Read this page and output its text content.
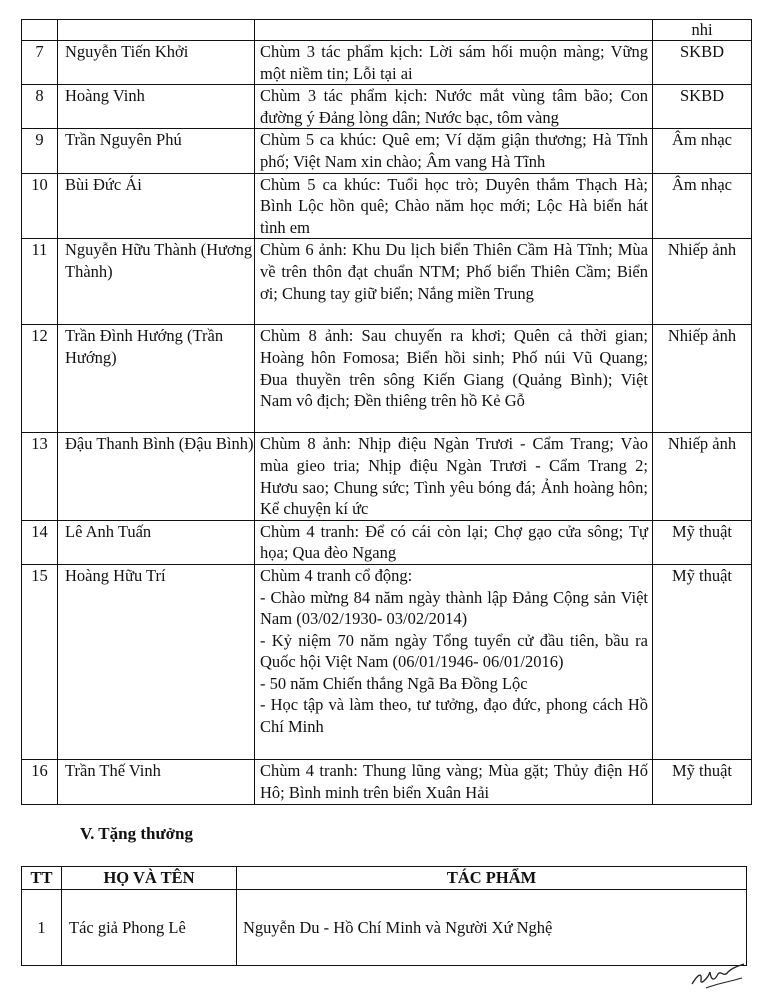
			nhi
7	Nguyễn Tiến Khởi	Chùm 3 tác phẩm kịch: Lời sám hối muộn màng; Vững một niềm tin; Lỗi tại ai	SKBD
8	Hoàng Vinh	Chùm 3 tác phẩm kịch: Nước mắt vùng tâm bão; Con đường ý Đảng lòng dân; Nước bạc, tôm vàng	SKBD
9	Trần Nguyên Phú	Chùm 5 ca khúc: Quê em; Ví dặm giận thương; Hà Tĩnh phố; Việt Nam xin chào; Âm vang Hà Tĩnh	Âm nhạc
10	Bùi Đức Ái	Chùm 5 ca khúc: Tuổi học trò; Duyên thắm Thạch Hà; Bình Lộc hồn quê; Chào năm học mới; Lộc Hà biển hát tình em	Âm nhạc
11	Nguyễn Hữu Thành (Hương Thành)	Chùm 6 ảnh: Khu Du lịch biển Thiên Cầm Hà Tĩnh; Mùa về trên thôn đạt chuẩn NTM; Phố biển Thiên Cầm; Biển ơi; Chung tay giữ biển; Nắng miền Trung	Nhiếp ảnh
12	Trần Đình Hướng (Trần Hướng)	Chùm 8 ảnh: Sau chuyến ra khơi; Quên cả thời gian; Hoàng hôn Fomosa; Biển hồi sinh; Phố núi Vũ Quang; Đua thuyền trên sông Kiến Giang (Quảng Bình); Việt Nam vô địch; Đền thiêng trên hồ Kẻ Gỗ	Nhiếp ảnh
13	Đậu Thanh Bình (Đậu Bình)	Chùm 8 ảnh: Nhịp điệu Ngàn Trươi - Cẩm Trang; Vào mùa gieo tria; Nhịp điệu Ngàn Trươi - Cẩm Trang 2; Hươu sao; Chung sức; Tình yêu bóng đá; Ảnh hoàng hôn; Kể chuyện kí ức	Nhiếp ảnh
14	Lê Anh Tuấn	Chùm 4 tranh: Để có cái còn lại; Chợ gạo cửa sông; Tự họa; Qua đèo Ngang	Mỹ thuật
15	Hoàng Hữu Trí	Chùm 4 tranh cổ động:
- Chào mừng 84 năm ngày thành lập Đảng Cộng sản Việt Nam (03/02/1930- 03/02/2014)
- Kỷ niệm 70 năm ngày Tổng tuyển cử đầu tiên, bầu ra Quốc hội Việt Nam (06/01/1946- 06/01/2016)
- 50 năm Chiến thắng Ngã Ba Đồng Lộc
- Học tập và làm theo, tư tưởng, đạo đức, phong cách Hồ Chí Minh	Mỹ thuật
16	Trần Thế Vinh	Chùm 4 tranh: Thung lũng vàng; Mùa gặt; Thủy điện Hố Hô; Bình minh trên biển Xuân Hải	Mỹ thuật
V. Tặng thưởng
TT	HỌ VÀ TÊN	TÁC PHẨM
1	Tác giả Phong Lê	Nguyễn Du - Hồ Chí Minh và Người Xứ Nghệ
